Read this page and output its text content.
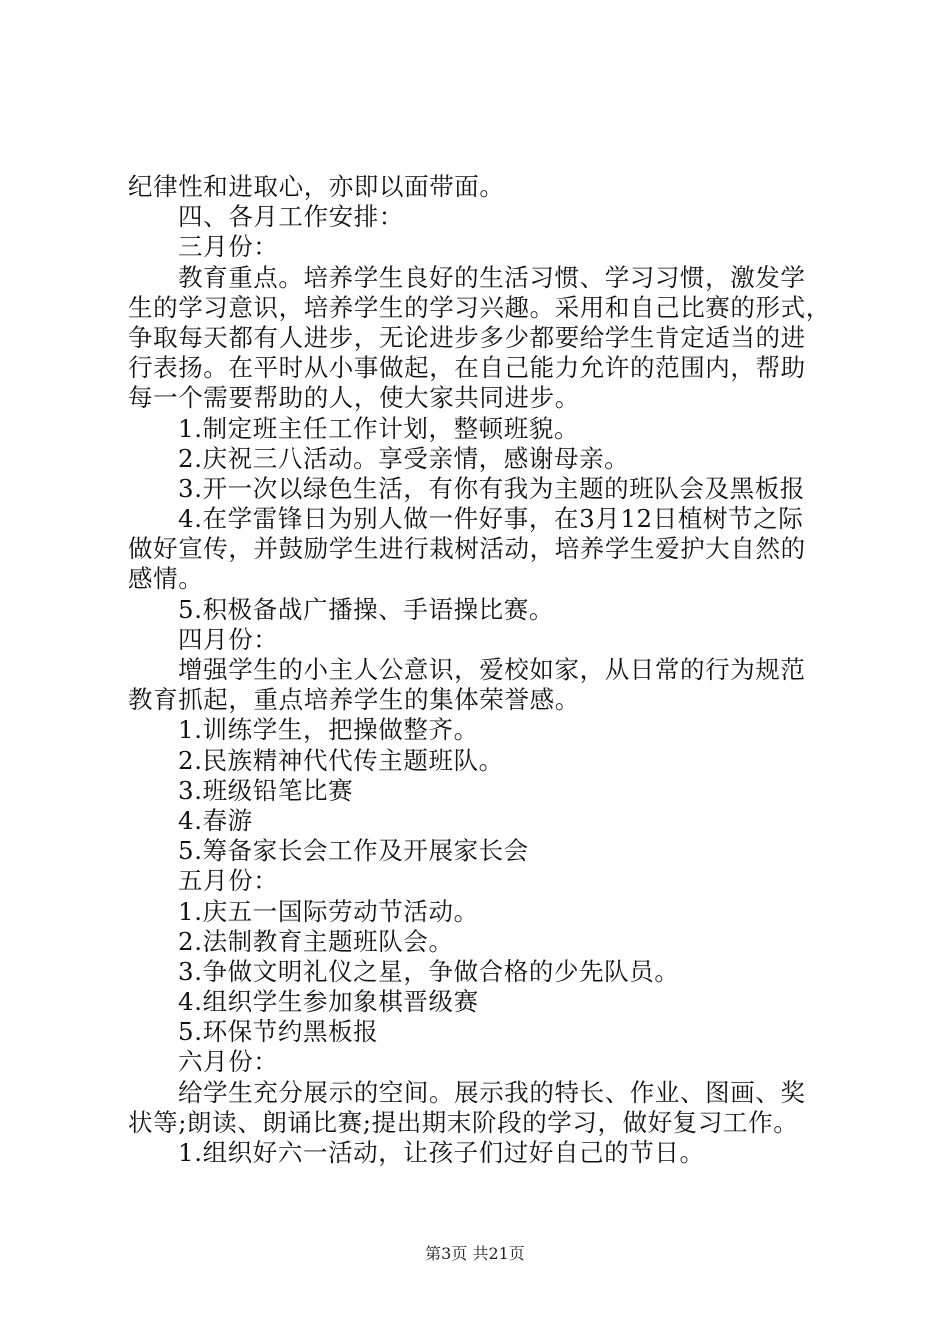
纪律性和进取心，亦即以面带面。
四、各月工作安排：
三月份：
教育重点。培养学生良好的生活习惯、学习习惯，激发学
生的学习意识，培养学生的学习兴趣。采用和自己比赛的形式，
争取每天都有人进步，无论进步多少都要给学生肯定适当的进
行表扬。在平时从小事做起，在自己能力允许的范围内，帮助
每一个需要帮助的人，使大家共同进步。
1.制定班主任工作计划，整顿班貌。
2.庆祝三八活动。享受亲情，感谢母亲。
3.开一次以绿色生活，有你有我为主题的班队会及黑板报
4.在学雷锋日为别人做一件好事，在3月12日植树节之际
做好宣传，并鼓励学生进行栽树活动，培养学生爱护大自然的
感情。
5.积极备战广播操、手语操比赛。
四月份：
增强学生的小主人公意识，爱校如家，从日常的行为规范
教育抓起，重点培养学生的集体荣誉感。
1.训练学生，把操做整齐。
2.民族精神代代传主题班队。
3.班级铅笔比赛
4.春游
5.筹备家长会工作及开展家长会
五月份：
1.庆五一国际劳动节活动。
2.法制教育主题班队会。
3.争做文明礼仪之星，争做合格的少先队员。
4.组织学生参加象棋晋级赛
5.环保节约黑板报
六月份：
给学生充分展示的空间。展示我的特长、作业、图画、奖
状等;朗读、朗诵比赛;提出期末阶段的学习，做好复习工作。
1.组织好六一活动，让孩子们过好自己的节日。
第3页 共21页
